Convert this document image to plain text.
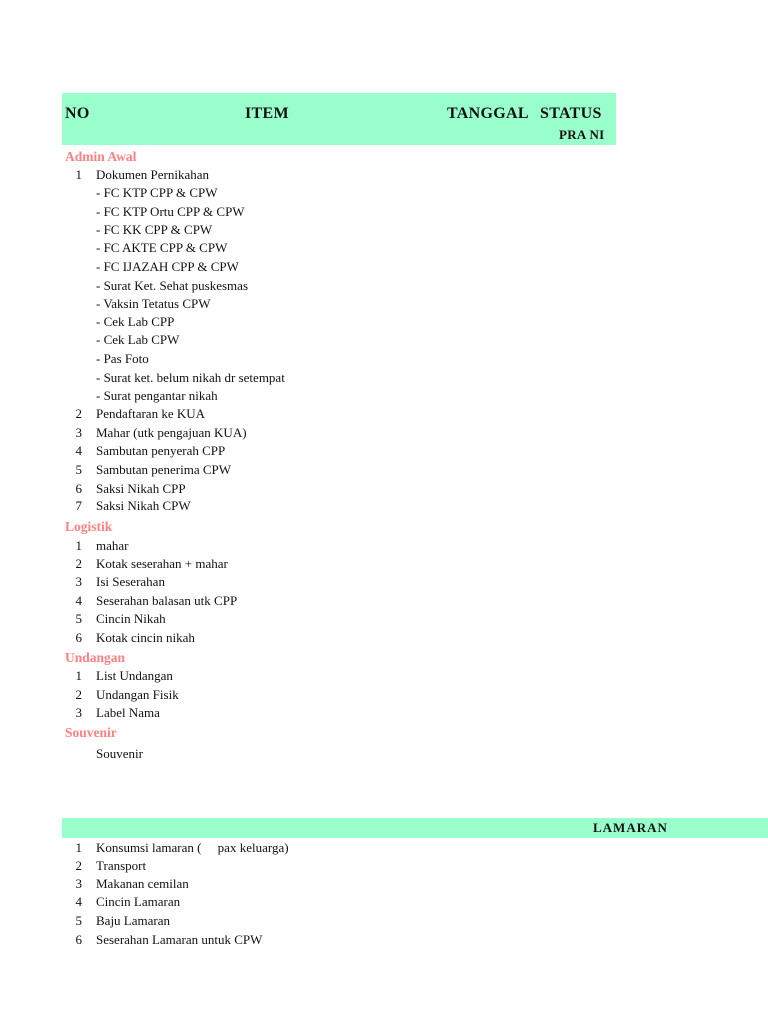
NO	ITEM	TANGGAL STATUS
PRA NI
Admin Awal
1 Dokumen Pernikahan
- FC KTP CPP & CPW
- FC KTP Ortu CPP & CPW
- FC KK CPP & CPW
- FC AKTE CPP & CPW
- FC IJAZAH CPP & CPW
- Surat Ket. Sehat puskesmas
- Vaksin Tetatus CPW
- Cek Lab CPP
- Cek Lab CPW
- Pas Foto
- Surat ket. belum nikah dr setempat
- Surat pengantar nikah
2 Pendaftaran ke KUA
3 Mahar (utk pengajuan KUA)
4 Sambutan penyerah CPP
5 Sambutan penerima CPW
6 Saksi Nikah CPP
7 Saksi Nikah CPW
Logistik
1 mahar
2 Kotak seserahan + mahar
3 Isi Seserahan
4 Seserahan balasan utk CPP
5 Cincin Nikah
6 Kotak cincin nikah
Undangan
1 List Undangan
2 Undangan Fisik
3 Label Nama
Souvenir
Souvenir
LAMARAN
1 Konsumsi lamaran (     pax keluarga)
2 Transport
3 Makanan cemilan
4 Cincin Lamaran
5 Baju Lamaran
6 Seserahan Lamaran untuk CPW
